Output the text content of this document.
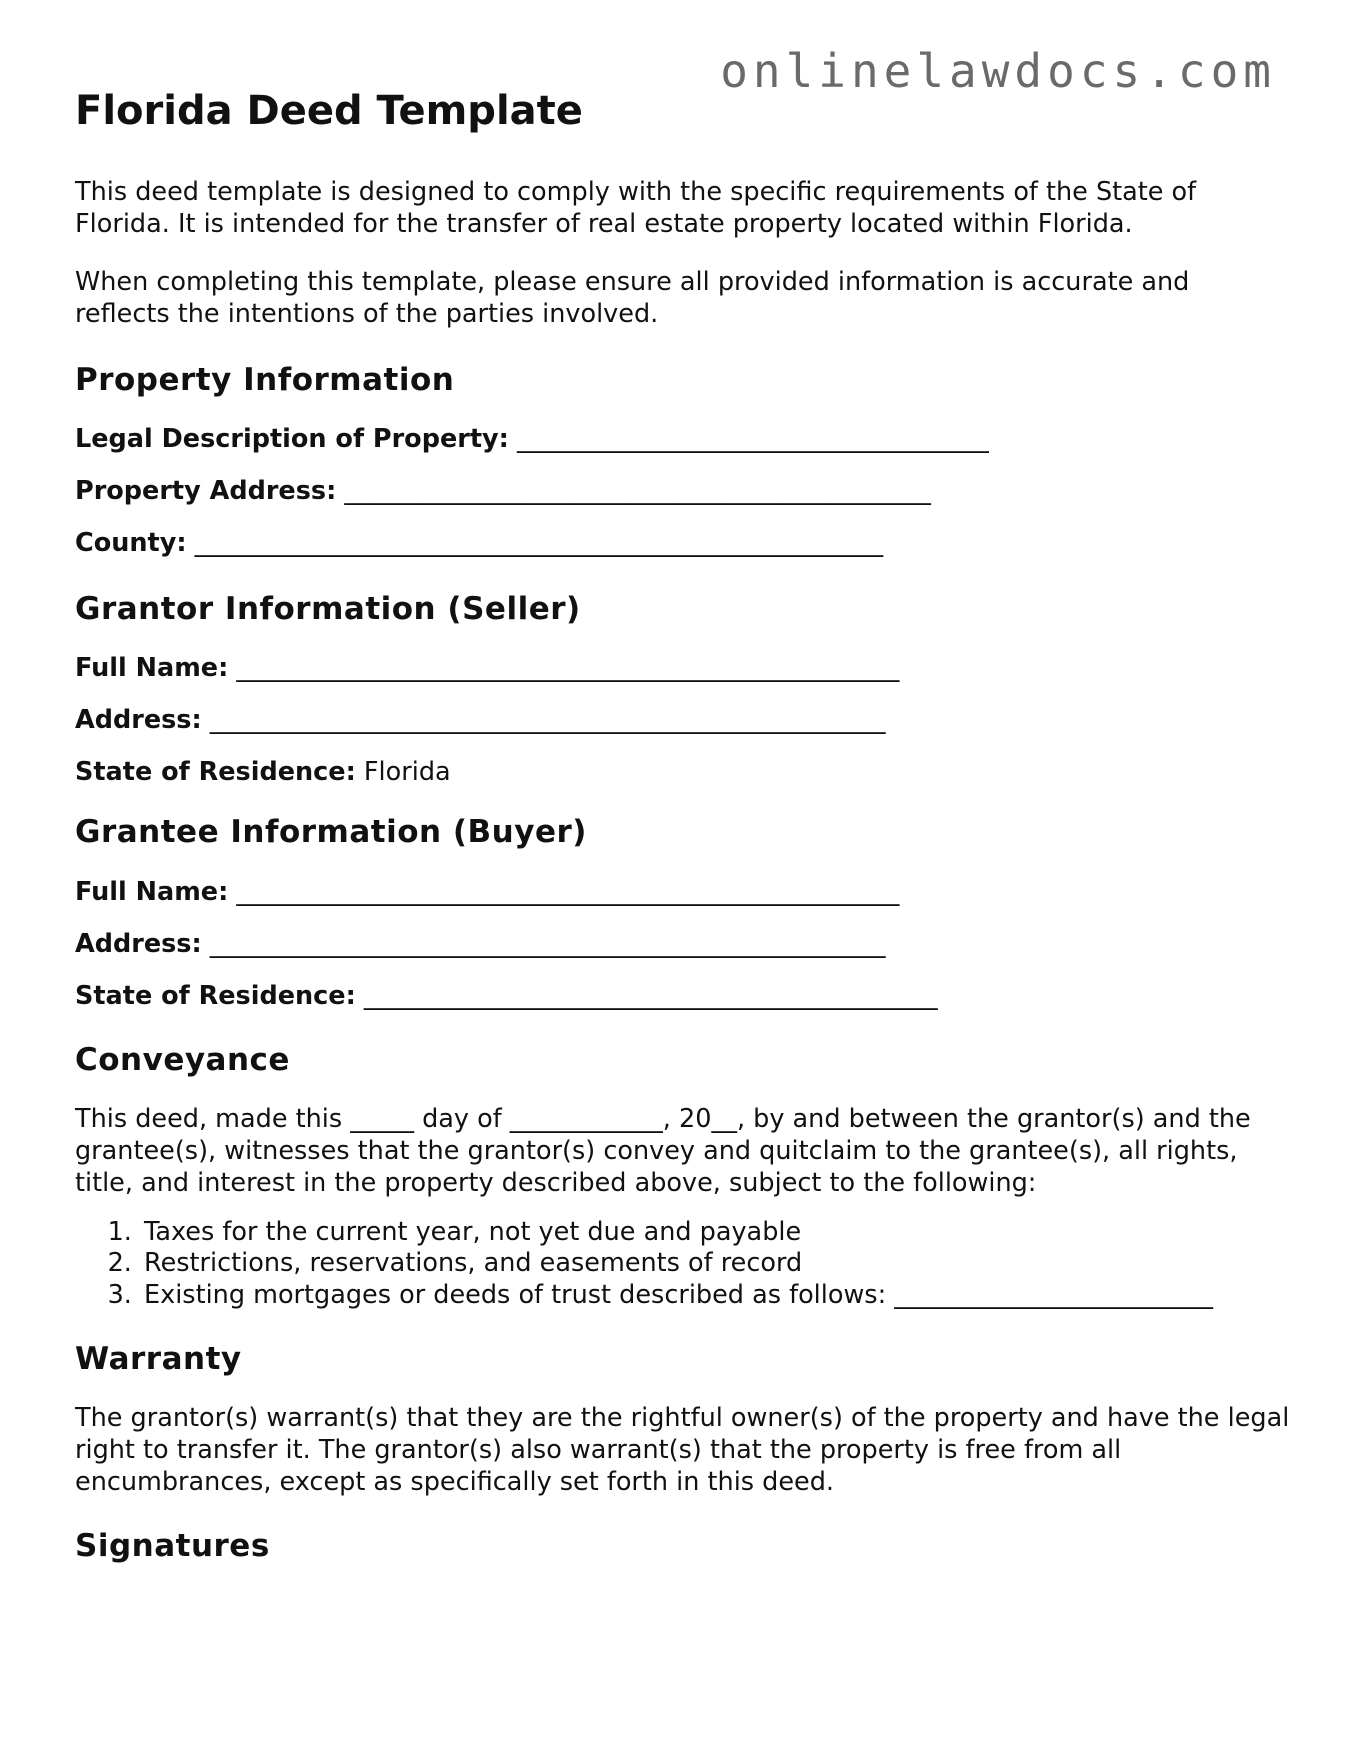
onlinelawdocs.com
Florida Deed Template

This deed template is designed to comply with the specific requirements of the State of Florida. It is intended for the transfer of real estate property located within Florida.

When completing this template, please ensure all provided information is accurate and reflects the intentions of the parties involved.

Property Information

Legal Description of Property: _____________________________________

Property Address: ______________________________________________

County: ______________________________________________________

Grantor Information (Seller)

Full Name: ____________________________________________________

Address: _____________________________________________________

State of Residence: Florida

Grantee Information (Buyer)

Full Name: ____________________________________________________

Address: _____________________________________________________

State of Residence: _____________________________________________

Conveyance

This deed, made this _____ day of ____________, 20__, by and between the grantor(s) and the grantee(s), witnesses that the grantor(s) convey and quitclaim to the grantee(s), all rights, title, and interest in the property described above, subject to the following:

1. Taxes for the current year, not yet due and payable
2. Restrictions, reservations, and easements of record
3. Existing mortgages or deeds of trust described as follows: _________________________
Warranty

The grantor(s) warrant(s) that they are the rightful owner(s) of the property and have the legal right to transfer it. The grantor(s) also warrant(s) that the property is free from all encumbrances, except as specifically set forth in this deed.

Signatures
